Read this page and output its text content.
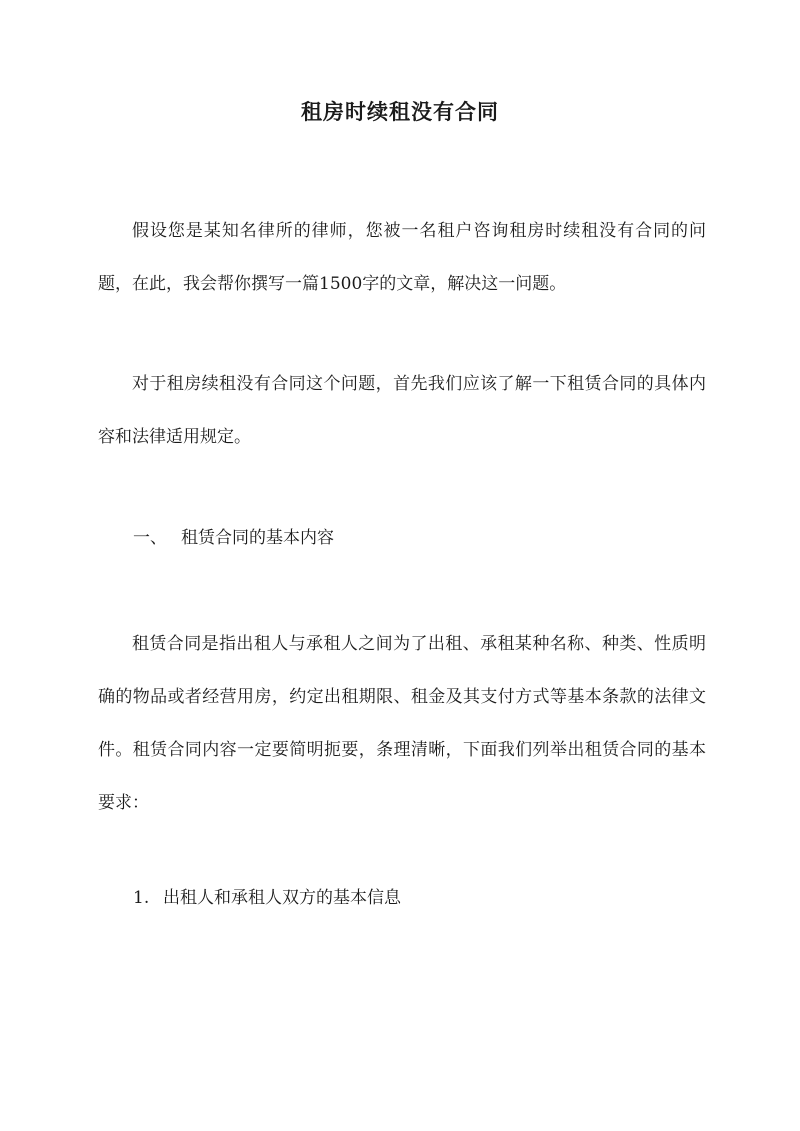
租房时续租没有合同

假设您是某知名律所的律师，您被一名租户咨询租房时续租没有合同的问题，在此，我会帮你撰写一篇1500字的文章，解决这一问题。

对于租房续租没有合同这个问题，首先我们应该了解一下租赁合同的具体内容和法律适用规定。

一、 租赁合同的基本内容

租赁合同是指出租人与承租人之间为了出租、承租某种名称、种类、性质明确的物品或者经营用房，约定出租期限、租金及其支付方式等基本条款的法律文件。租赁合同内容一定要简明扼要，条理清晰，下面我们列举出租赁合同的基本要求：

1. 出租人和承租人双方的基本信息
